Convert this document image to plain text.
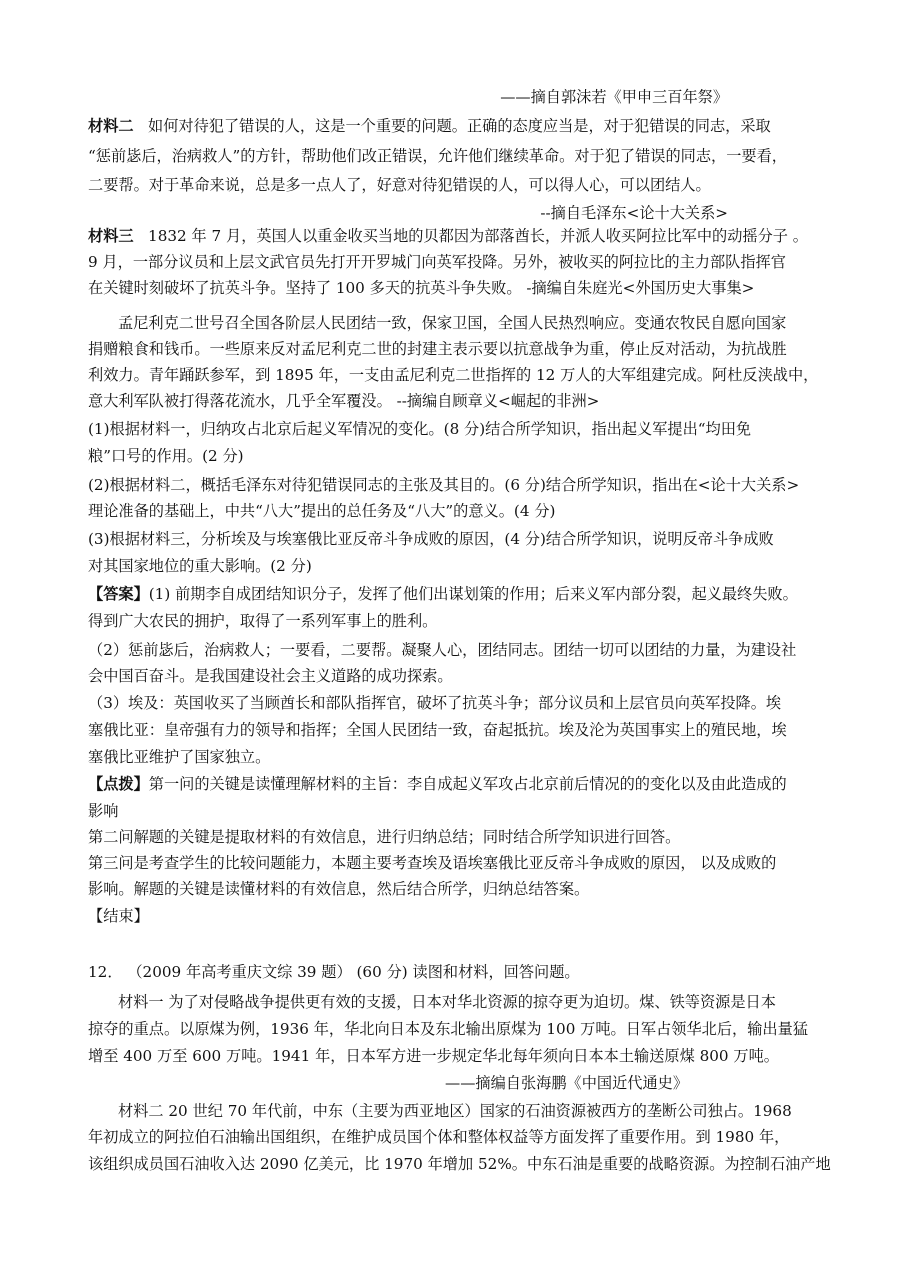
——摘自郭沫若《甲申三百年祭》
材料二 如何对待犯了错误的人，这是一个重要的问题。正确的态度应当是，对于犯错误的同志，采取
“惩前毖后，治病救人”的方针，帮助他们改正错误，允许他们继续革命。对于犯了错误的同志，一要看，
二要帮。对于革命来说，总是多一点人了，好意对待犯错误的人，可以得人心，可以团结人。
--摘自毛泽东<论十大关系>
材料三 1832 年 7 月，英国人以重金收买当地的贝都因为部落酋长，并派人收买阿拉比军中的动摇分子 。
9 月，一部分议员和上层文武官员先打开开罗城门向英军投降。另外，被收买的阿拉比的主力部队指挥官
在关键时刻破坏了抗英斗争。坚持了 100 多天的抗英斗争失败。 -摘编自朱庭光<外国历史大事集>
孟尼利克二世号召全国各阶层人民团结一致，保家卫国，全国人民热烈响应。变通农牧民自愿向国家
捐赠粮食和钱币。一些原来反对孟尼利克二世的封建主表示要以抗意战争为重，停止反对活动，为抗战胜
利效力。青年踊跃参军，到 1895 年，一支由孟尼利克二世指挥的 12 万人的大军组建完成。阿杜反浃战中，
意大利军队被打得落花流水，几乎全军覆没。 --摘编自顾章义<崛起的非洲>
(1)根据材料一，归纳攻占北京后起义军情况的变化。(8 分)结合所学知识，指出起义军提出“均田免
粮”口号的作用。(2 分)
(2)根据材料二，概括毛泽东对待犯错误同志的主张及其目的。(6 分)结合所学知识，指出在<论十大关系>
理论准备的基础上，中共“八大”提出的总任务及“八大”的意义。(4 分)
(3)根据材料三，分析埃及与埃塞俄比亚反帝斗争成败的原因，(4 分)结合所学知识，说明反帝斗争成败
对其国家地位的重大影响。(2 分)
【答案】(1) 前期李自成团结知识分子，发挥了他们出谋划策的作用；后来义军内部分裂，起义最终失败。
得到广大农民的拥护，取得了一系列军事上的胜利。
（2）惩前毖后，治病救人；一要看，二要帮。凝聚人心，团结同志。团结一切可以团结的力量，为建设社
会中国百奋斗。是我国建设社会主义道路的成功探索。
（3）埃及：英国收买了当顾酋长和部队指挥官，破坏了抗英斗争；部分议员和上层官员向英军投降。埃
塞俄比亚：皇帝强有力的领导和指挥；全国人民团结一致，奋起抵抗。埃及沦为英国事实上的殖民地，埃
塞俄比亚维护了国家独立。
【点拨】第一问的关键是读懂理解材料的主旨：李自成起义军攻占北京前后情况的的变化以及由此造成的
影响
第二问解题的关键是提取材料的有效信息，进行归纳总结；同时结合所学知识进行回答。
第三问是考查学生的比较问题能力，本题主要考查埃及语埃塞俄比亚反帝斗争成败的原因， 以及成败的
影响。解题的关键是读懂材料的有效信息，然后结合所学，归纳总结答案。
【结束】
12． （2009 年高考重庆文综 39 题） (60 分) 读图和材料，回答问题。
材料一 为了对侵略战争提供更有效的支援，日本对华北资源的掠夺更为迫切。煤、铁等资源是日本
掠夺的重点。以原煤为例，1936 年，华北向日本及东北输出原煤为 100 万吨。日军占领华北后，输出量猛
增至 400 万至 600 万吨。1941 年，日本军方进一步规定华北每年须向日本本土输送原煤 800 万吨。
——摘编自张海鹏《中国近代通史》
材料二 20 世纪 70 年代前，中东（主要为西亚地区）国家的石油资源被西方的垄断公司独占。1968
年初成立的阿拉伯石油输出国组织，在维护成员国个体和整体权益等方面发挥了重要作用。到 1980 年，
该组织成员国石油收入达 2090 亿美元，比 1970 年增加 52%。中东石油是重要的战略资源。为控制石油产地
